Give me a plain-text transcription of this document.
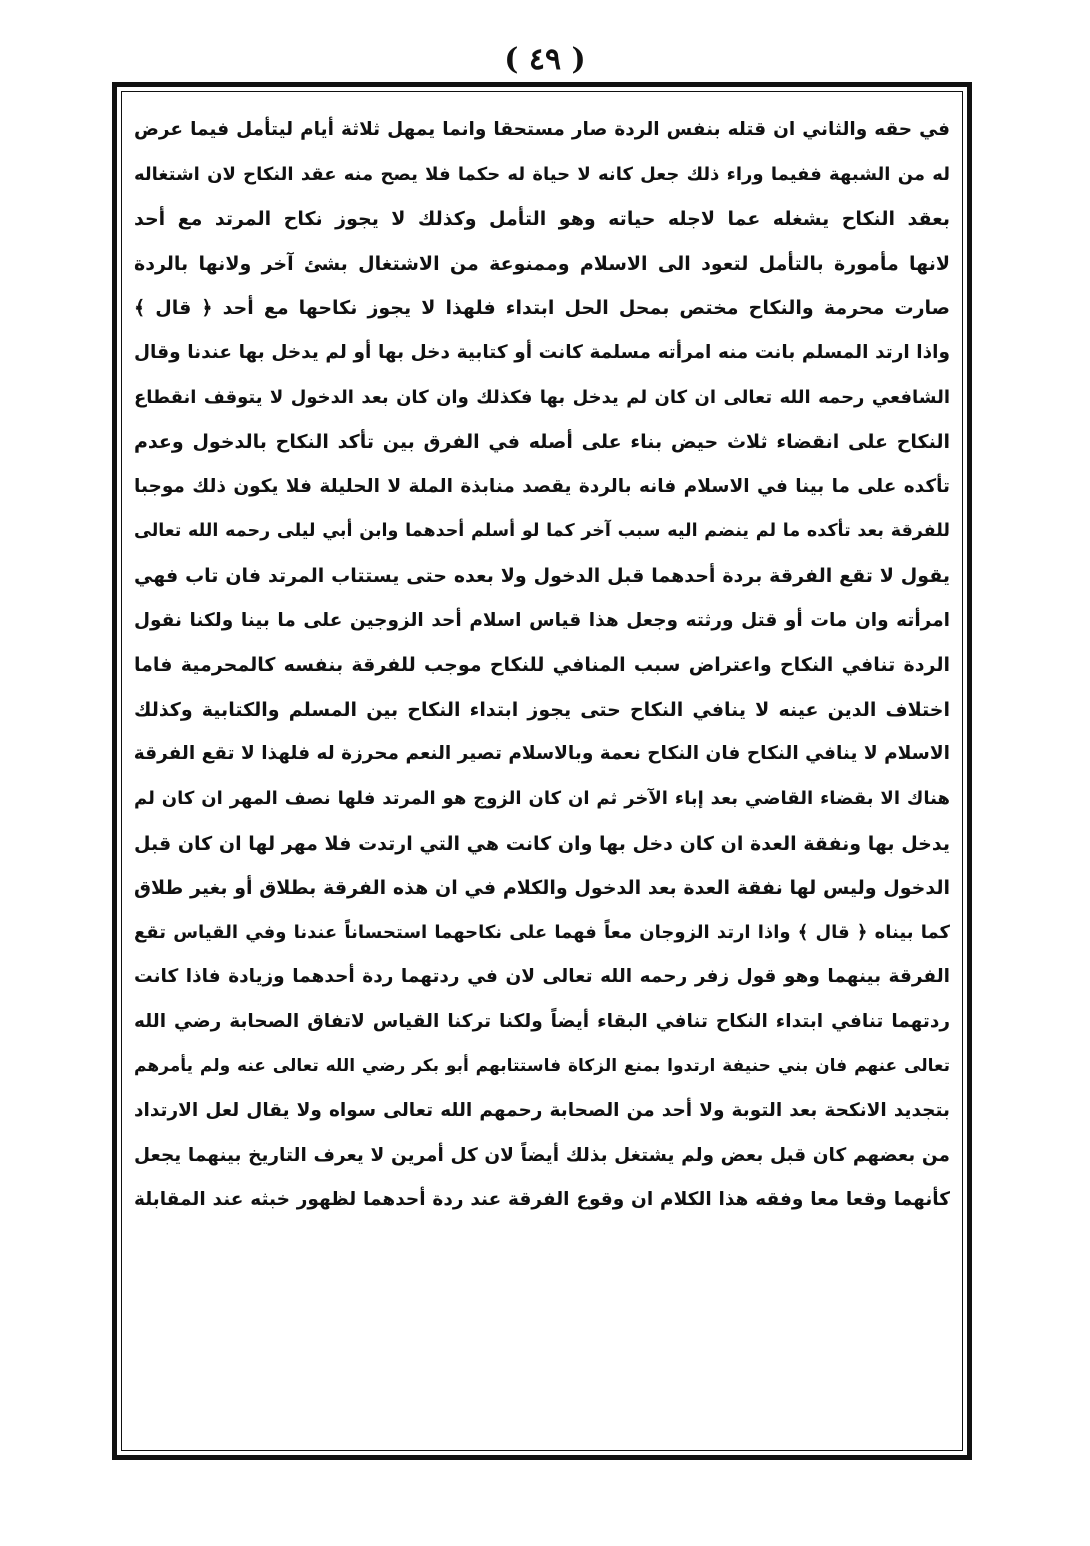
( ٤٩ )
في حقه والثاني ان قتله بنفس الردة صار مستحقا وانما يمهل ثلاثة أيام ليتأمل فيما عرض
له من الشبهة ففيما وراء ذلك جعل كانه لا حياة له حكما فلا يصح منه عقد النكاح لان اشتغاله
بعقد النكاح يشغله عما لاجله حياته وهو التأمل وكذلك لا يجوز نكاح المرتد مع أحد
لانها مأمورة بالتأمل لتعود الى الاسلام وممنوعة من الاشتغال بشئ آخر ولانها بالردة
صارت محرمة والنكاح مختص بمحل الحل ابتداء فلهذا لا يجوز نكاحها مع أحد ﴿ قال ﴾
واذا ارتد المسلم بانت منه امرأته مسلمة كانت أو كتابية دخل بها أو لم يدخل بها عندنا وقال
الشافعي رحمه الله تعالى ان كان لم يدخل بها فكذلك وان كان بعد الدخول لا يتوقف انقطاع
النكاح على انقضاء ثلاث حيض بناء على أصله في الفرق بين تأكد النكاح بالدخول وعدم
تأكده على ما بينا في الاسلام فانه بالردة يقصد منابذة الملة لا الحليلة فلا يكون ذلك موجبا
للفرقة بعد تأكده ما لم ينضم اليه سبب آخر كما لو أسلم أحدهما وابن أبي ليلى رحمه الله تعالى
يقول لا تقع الفرقة بردة أحدهما قبل الدخول ولا بعده حتى يستتاب المرتد فان تاب فهي
امرأته وان مات أو قتل ورثته وجعل هذا قياس اسلام أحد الزوجين على ما بينا ولكنا نقول
الردة تنافي النكاح واعتراض سبب المنافي للنكاح موجب للفرقة بنفسه كالمحرمية فاما
اختلاف الدين عينه لا ينافي النكاح حتى يجوز ابتداء النكاح بين المسلم والكتابية وكذلك
الاسلام لا ينافي النكاح فان النكاح نعمة وبالاسلام تصير النعم محرزة له فلهذا لا تقع الفرقة
هناك الا بقضاء القاضي بعد إباء الآخر ثم ان كان الزوج هو المرتد فلها نصف المهر ان كان لم
يدخل بها ونفقة العدة ان كان دخل بها وان كانت هي التي ارتدت فلا مهر لها ان كان قبل
الدخول وليس لها نفقة العدة بعد الدخول والكلام في ان هذه الفرقة بطلاق أو بغير طلاق
كما بيناه ﴿ قال ﴾ واذا ارتد الزوجان معاً فهما على نكاحهما استحساناً عندنا وفي القياس تقع
الفرقة بينهما وهو قول زفر رحمه الله تعالى لان في ردتهما ردة أحدهما وزيادة فاذا كانت
ردتهما تنافي ابتداء النكاح تنافي البقاء أيضاً ولكنا تركنا القياس لاتفاق الصحابة رضي الله
تعالى عنهم فان بني حنيفة ارتدوا بمنع الزكاة فاستتابهم أبو بكر رضي الله تعالى عنه ولم يأمرهم
بتجديد الانكحة بعد التوبة ولا أحد من الصحابة رحمهم الله تعالى سواه ولا يقال لعل الارتداد
من بعضهم كان قبل بعض ولم يشتغل بذلك أيضاً لان كل أمرين لا يعرف التاريخ بينهما يجعل
كأنهما وقعا معا وفقه هذا الكلام ان وقوع الفرقة عند ردة أحدهما لظهور خبثه عند المقابلة
